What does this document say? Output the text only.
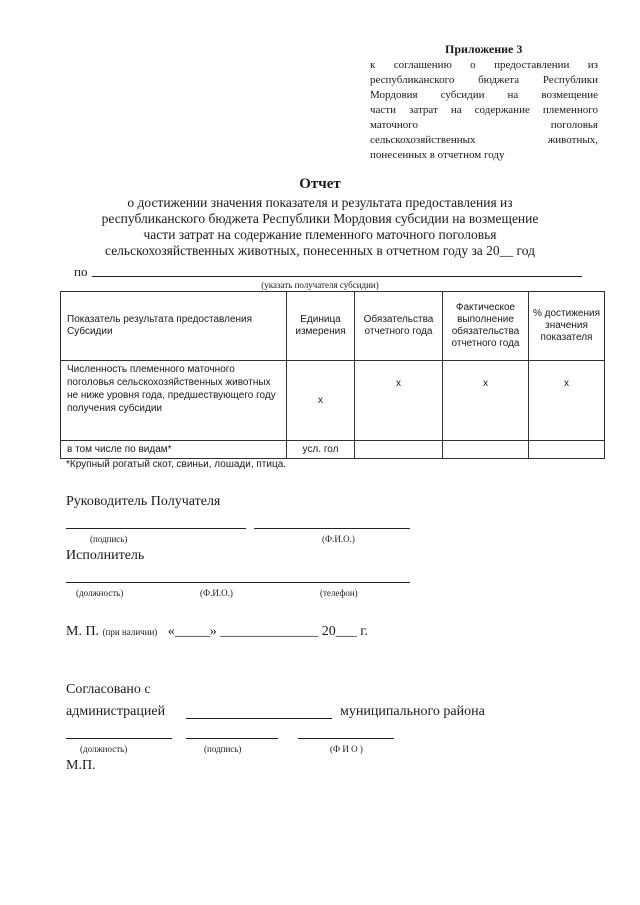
Приложение 3
к соглашению о предоставлении из
республиканского бюджета Республики
Мордовия субсидии на возмещение
части затрат на содержание племенного
маточного поголовья
сельскохозяйственных животных,
понесенных в отчетном году
Отчет
о достижении значения показателя и результата предоставления из
республиканского бюджета Республики Мордовия субсидии на возмещение
части затрат на содержание племенного маточного поголовья
сельскохозяйственных животных, понесенных в отчетном году за 20__ год
по
(указать получателя субсидии)
Показатель результата предоставления Субсидии	Единица измерения	Обязательства отчетного года	Фактическое выполнение обязательства отчетного года	% достижения значения показателя
Численность племенного маточного поголовья сельскохозяйственных животных не ниже уровня года, предшествующего году получения субсидии	х	х	х	х
в том числе по видам*	усл. гол			
*Крупный рогатый скот, свиньи, лошади, птица.
Руководитель Получателя
(подпись)	(Ф.И.О.)
Исполнитель
(должность)	(Ф.И.О.)	(телефон)
М. П. (при наличии) «_____» ______________ 20___ г.
Согласовано с
администрацией	муниципального района
(должность)	(подпись)	(Ф И О )
М.П.
